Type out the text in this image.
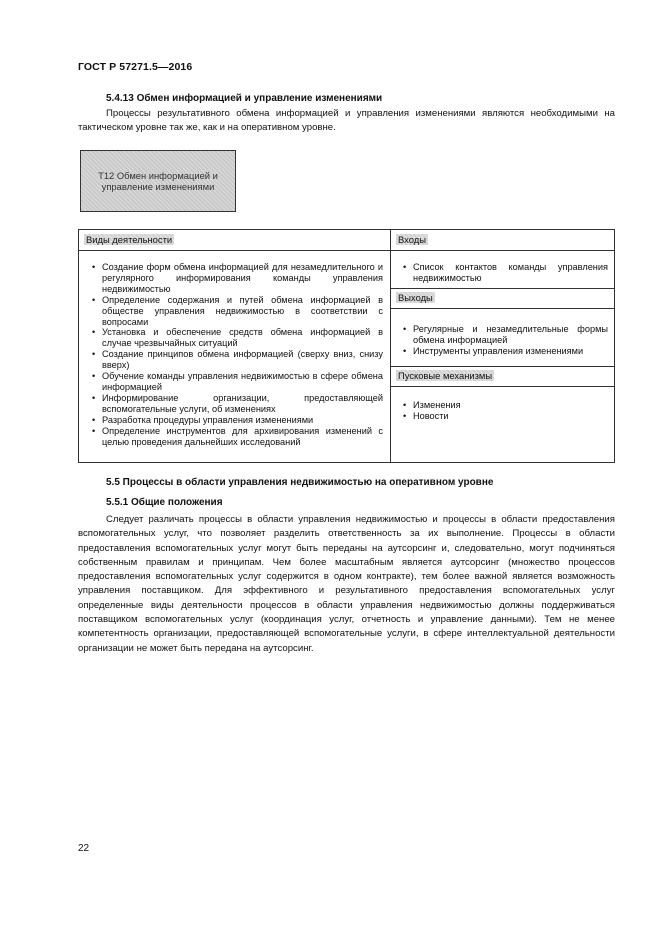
ГОСТ Р 57271.5—2016
5.4.13 Обмен информацией и управление изменениями

Процессы результативного обмена информацией и управления изменениями являются необходимыми на тактическом уровне так же, как и на оперативном уровне.

Т12 Обмен информацией и управление изменениями
Виды деятельности	Входы
Выходы
Пусковые механизмы
• Создание форм обмена информацией для незамедлительного и регулярного информирования команды управления недвижимостью
• Определение содержания и путей обмена информацией в обществе управления недвижимостью в соответствии с вопросами
• Установка и обеспечение средств обмена информацией в случае чрезвычайных ситуаций
• Создание принципов обмена информацией (сверху вниз, снизу вверх)
• Обучение команды управления недвижимостью в сфере обмена информацией
• Информирование организации, предоставляющей вспомогательные услуги, об изменениях
• Разработка процедуры управления изменениями
• Определение инструментов для архивирования изменений с целью проведения дальнейших исследований
• Список контактов команды управления недвижимостью
• Регулярные и незамедлительные формы обмена информацией
• Инструменты управления изменениями
• Изменения
• Новости
5.5 Процессы в области управления недвижимостью на оперативном уровне
5.5.1 Общие положения

Следует различать процессы в области управления недвижимостью и процессы в области предоставления вспомогательных услуг, что позволяет разделить ответственность за их выполнение. Процессы в области предоставления вспомогательных услуг могут быть переданы на аутсорсинг и, следовательно, могут подчиняться собственным правилам и принципам. Чем более масштабным является аутсорсинг (множество процессов предоставления вспомогательных услуг содержится в одном контракте), тем более важной является возможность управления поставщиком. Для эффективного и результативного предоставления вспомогательных услуг определенные виды деятельности процессов в области управления недвижимостью должны поддерживаться поставщиком вспомогательных услуг (координация услуг, отчетность и управление данными). Тем не менее компетентность организации, предоставляющей вспомогательные услуги, в сфере интеллектуальной деятельности организации не может быть передана на аутсорсинг.

22
